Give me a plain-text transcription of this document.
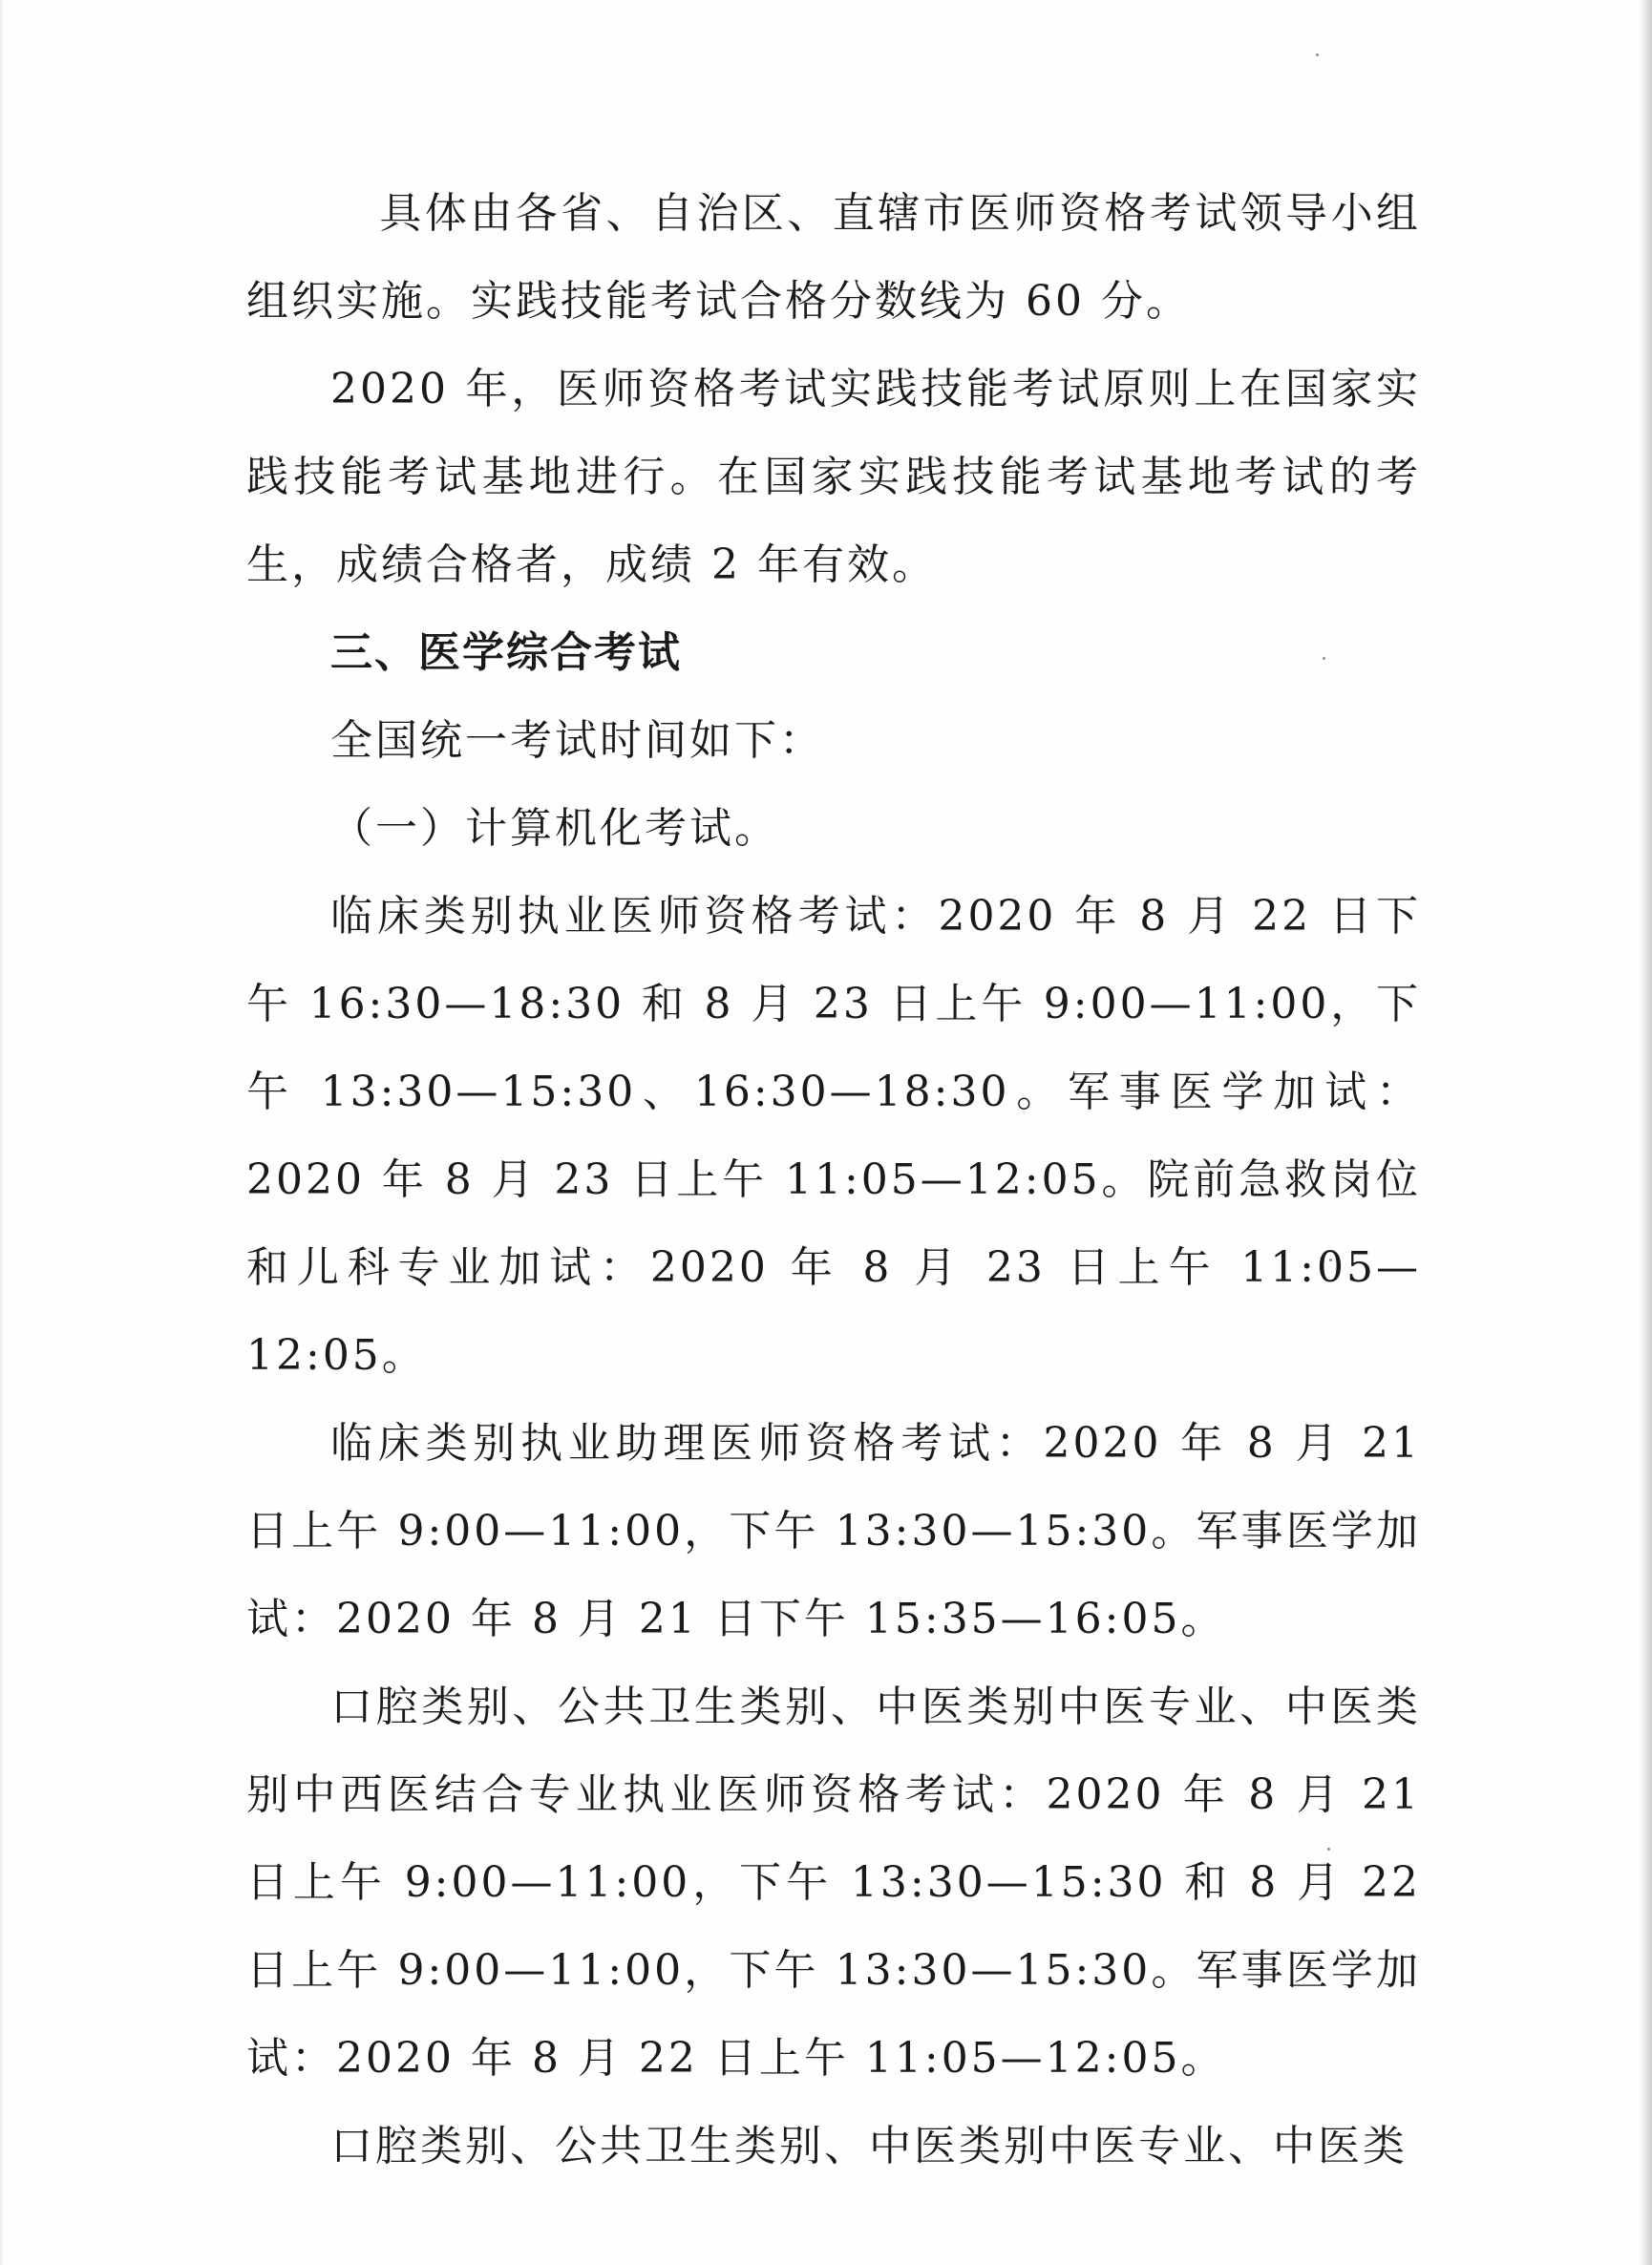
具体由各省、自治区、直辖市医师资格考试领导小组组织实施。实践技能考试合格分数线为 60 分。

2020 年，医师资格考试实践技能考试原则上在国家实践技能考试基地进行。在国家实践技能考试基地考试的考生，成绩合格者，成绩 2 年有效。

三、医学综合考试

全国统一考试时间如下：

（一）计算机化考试。

临床类别执业医师资格考试：2020 年 8 月 22 日下午 16:30—18:30 和 8 月 23 日上午 9:00—11:00，下午 13:30—15:30、16:30—18:30。军事医学加试：2020 年 8 月 23 日上午 11:05—12:05。院前急救岗位和儿科专业加试：2020 年 8 月 23 日上午 11:05—12:05。

临床类别执业助理医师资格考试：2020 年 8 月 21 日上午 9:00—11:00，下午 13:30—15:30。军事医学加试：2020 年 8 月 21 日下午 15:35—16:05。

口腔类别、公共卫生类别、中医类别中医专业、中医类别中西医结合专业执业医师资格考试：2020 年 8 月 21 日上午 9:00—11:00，下午 13:30—15:30 和 8 月 22 日上午 9:00—11:00，下午 13:30—15:30。军事医学加试：2020 年 8 月 22 日上午 11:05—12:05。

口腔类别、公共卫生类别、中医类别中医专业、中医类
